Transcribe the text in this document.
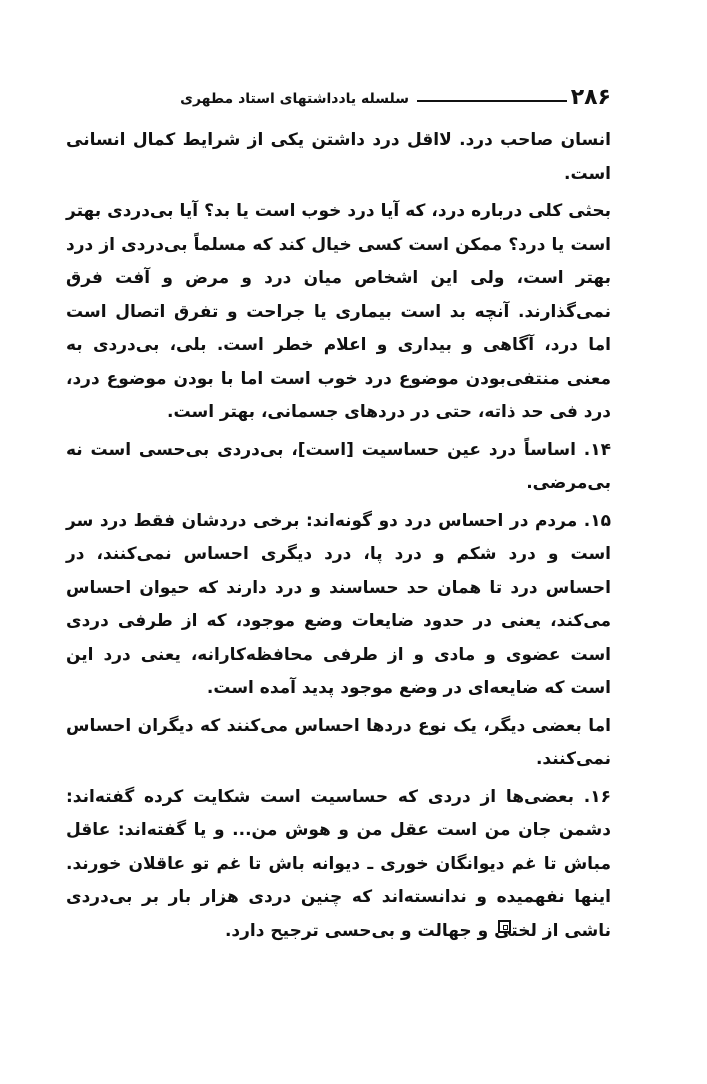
۲۸۶
سلسله یادداشتهای استاد مطهری

انسان صاحب درد. لااقل درد داشتن یکی از شرایط کمال انسانی است.

بحثی کلی درباره درد، که آیا درد خوب است یا بد؟ آیا بی‌دردی بهتر است یا درد؟ ممکن است کسی خیال کند که مسلماً بی‌دردی از درد بهتر است، ولی این اشخاص میان درد و مرض و آفت فرق نمی‌گذارند. آنچه بد است بیماری یا جراحت و تفرق اتصال است اما درد، آگاهی و بیداری و اعلام خطر است. بلی، بی‌دردی به معنی منتفی‌بودن موضوع درد خوب است اما با بودن موضوع درد، درد فی حد ذاته، حتی در دردهای جسمانی، بهتر است.

۱۴. اساساً درد عین حساسیت [است]، بی‌دردی بی‌حسی است نه بی‌مرضی.

۱۵. مردم در احساس درد دو گونه‌اند: برخی دردشان فقط درد سر است و درد شکم و درد پا، درد دیگری احساس نمی‌کنند، در احساس درد تا همان حد حساسند و درد دارند که حیوان احساس می‌کند، یعنی در حدود ضایعات وضع موجود، که از طرفی دردی است عضوی و مادی و از طرفی محافظه‌کارانه، یعنی درد این است که ضایعه‌ای در وضع موجود پدید آمده است.

اما بعضی دیگر، یک نوع دردها احساس می‌کنند که دیگران احساس نمی‌کنند.

۱۶. بعضی‌ها از دردی که حساسیت است شکایت کرده گفته‌اند: دشمن جان من است عقل من و هوش من... و یا گفته‌اند: عاقل مباش تا غم دیوانگان خوری ـ دیوانه باش تا غم تو عاقلان خورند. اینها نفهمیده و ندانسته‌اند که چنین دردی هزار بار بر بی‌دردی ناشی از لختی و جهالت و بی‌حسی ترجیح دارد.
